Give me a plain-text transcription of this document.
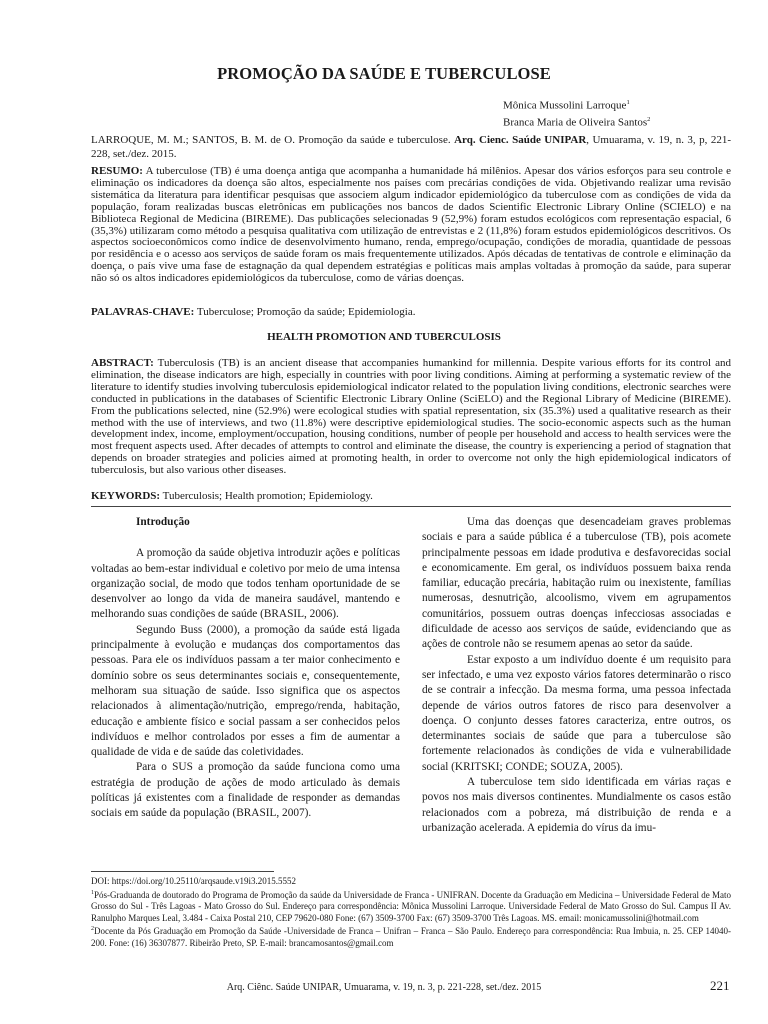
PROMOÇÃO DA SAÚDE E TUBERCULOSE
Mônica Mussolini Larroque$^1$
Branca Maria de Oliveira Santos$^2$
LARROQUE, M. M.; SANTOS, B. M. de O. Promoção da saúde e tuberculose. Arq. Cienc. Saúde UNIPAR, Umuarama, v. 19, n. 3, p, 221-228, set./dez. 2015.
RESUMO: A tuberculose (TB) é uma doença antiga que acompanha a humanidade há milênios. Apesar dos vários esforços para seu controle e eliminação os indicadores da doença são altos, especialmente nos países com precárias condições de vida. Objetivando realizar uma revisão sistemática da literatura para identificar pesquisas que associem algum indicador epidemiológico da tuberculose com as condições de vida da população, foram realizadas buscas eletrônicas em publicações nos bancos de dados Scientific Electronic Library Online (SCIELO) e na Biblioteca Regional de Medicina (BIREME). Das publicações selecionadas 9 (52,9%) foram estudos ecológicos com representação espacial, 6 (35,3%) utilizaram como método a pesquisa qualitativa com utilização de entrevistas e 2 (11,8%) foram estudos epidemiológicos descritivos. Os aspectos socioeconômicos como índice de desenvolvimento humano, renda, emprego/ocupação, condições de moradia, quantidade de pessoas por residência e o acesso aos serviços de saúde foram os mais frequentemente utilizados. Após décadas de tentativas de controle e eliminação da doença, o país vive uma fase de estagnação da qual dependem estratégias e políticas mais amplas voltadas à promoção da saúde, para superar não só os altos indicadores epidemiológicos da tuberculose, como de várias doenças.
PALAVRAS-CHAVE: Tuberculose; Promoção da saúde; Epidemiologia.
HEALTH PROMOTION AND TUBERCULOSIS
ABSTRACT: Tuberculosis (TB) is an ancient disease that accompanies humankind for millennia. Despite various efforts for its control and elimination, the disease indicators are high, especially in countries with poor living conditions. Aiming at performing a systematic review of the literature to identify studies involving tuberculosis epidemiological indicator related to the population living conditions, electronic searches were conducted in publications in the databases of Scientific Electronic Library Online (SciELO) and the Regional Library of Medicine (BIREME). From the publications selected, nine (52.9%) were ecological studies with spatial representation, six (35.3%) used a qualitative research as their method with the use of interviews, and two (11.8%) were descriptive epidemiological studies. The socio-economic aspects such as the human development index, income, employment/occupation, housing conditions, number of people per household and access to health services were the most frequent aspects used. After decades of attempts to control and eliminate the disease, the country is experiencing a period of stagnation that depends on broader strategies and policies aimed at promoting health, in order to overcome not only the high epidemiological indicators of tuberculosis, but also various other diseases.
KEYWORDS: Tuberculosis; Health promotion; Epidemiology.

Introdução

A promoção da saúde objetiva introduzir ações e políticas voltadas ao bem-estar individual e coletivo por meio de uma intensa organização social, de modo que todos tenham oportunidade de se desenvolver ao longo da vida de maneira saudável, mantendo e melhorando suas condições de saúde (BRASIL, 2006).

Segundo Buss (2000), a promoção da saúde está ligada principalmente à evolução e mudanças dos comportamentos das pessoas. Para ele os indivíduos passam a ter maior conhecimento e domínio sobre os seus determinantes sociais e, consequentemente, melhoram sua situação de saúde. Isso significa que os aspectos relacionados à alimentação/nutrição, emprego/renda, habitação, educação e ambiente físico e social passam a ser conhecidos pelos indivíduos e melhor controlados por esses a fim de aumentar a qualidade de vida e de saúde das coletividades.

Para o SUS a promoção da saúde funciona como uma estratégia de produção de ações de modo articulado às demais políticas já existentes com a finalidade de responder as demandas sociais em saúde da população (BRASIL, 2007).

Uma das doenças que desencadeiam graves problemas sociais e para a saúde pública é a tuberculose (TB), pois acomete principalmente pessoas em idade produtiva e desfavorecidas social e economicamente. Em geral, os indivíduos possuem baixa renda familiar, educação precária, habitação ruim ou inexistente, famílias numerosas, desnutrição, alcoolismo, vivem em agrupamentos comunitários, possuem outras doenças infecciosas associadas e dificuldade de acesso aos serviços de saúde, evidenciando que as ações de controle não se resumem apenas ao setor da saúde.

Estar exposto a um indivíduo doente é um requisito para ser infectado, e uma vez exposto vários fatores determinarão o risco de se contrair a infecção. Da mesma forma, uma pessoa infectada depende de vários outros fatores de risco para desenvolver a doença. O conjunto desses fatores caracteriza, entre outros, os determinantes sociais de saúde que para a tuberculose são fortemente relacionados às condições de vida e vulnerabilidade social (KRITSKI; CONDE; SOUZA, 2005).

A tuberculose tem sido identificada em várias raças e povos nos mais diversos continentes. Mundialmente os casos estão relacionados com a pobreza, má distribuição de renda e a urbanização acelerada. A epidemia do vírus da imu-

DOI: https://doi.org/10.25110/arqsaude.v19i3.2015.5552
$^1$Pós-Graduanda de doutorado do Programa de Promoção da saúde da Universidade de Franca - UNIFRAN. Docente da Graduação em Medicina – Universidade Federal de Mato Grosso do Sul - Três Lagoas - Mato Grosso do Sul. Endereço para correspondência: Mônica Mussolini Larroque. Universidade Federal de Mato Grosso do Sul. Campus II Av. Ranulpho Marques Leal, 3.484 - Caixa Postal 210, CEP 79620-080 Fone: (67) 3509-3700 Fax: (67) 3509-3700 Três Lagoas. MS. email: monicamussolini@hotmail.com
$^2$Docente da Pós Graduação em Promoção da Saúde -Universidade de Franca – Unifran – Franca – São Paulo. Endereço para correspondência: Rua Imbuia, n. 25. CEP 14040-200. Fone: (16) 36307877. Ribeirão Preto, SP. E-mail: brancamosantos@gmail.com
Arq. Ciênc. Saúde UNIPAR, Umuarama, v. 19, n. 3, p. 221-228, set./dez. 2015	221
